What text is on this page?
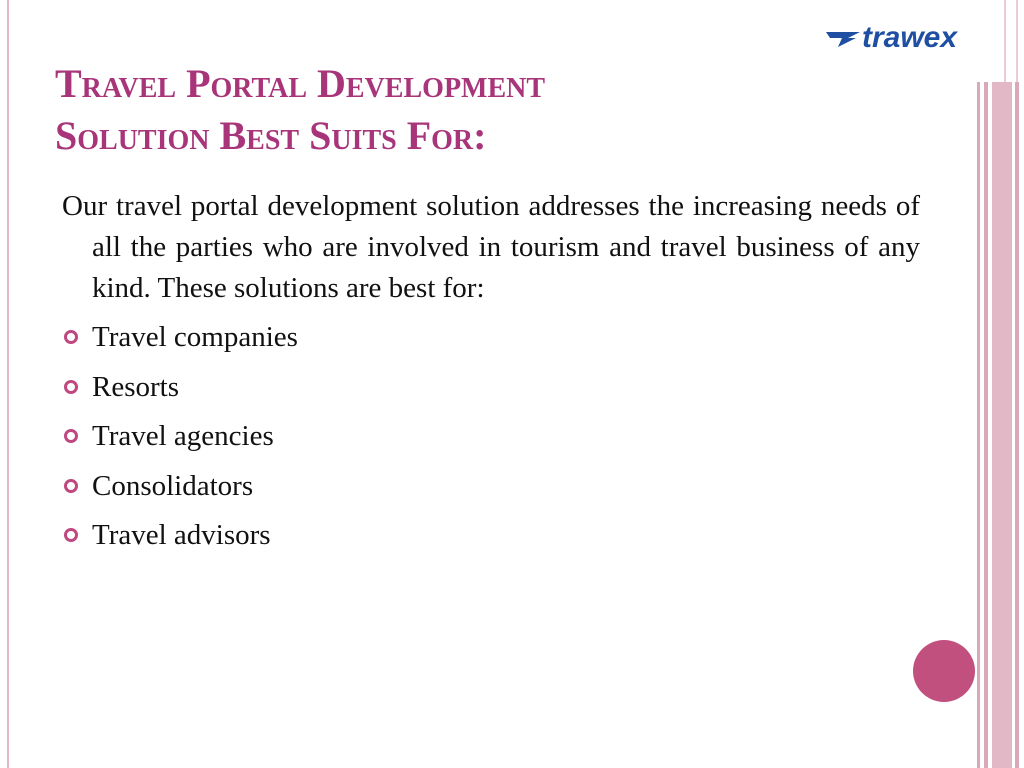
trawex
Travel Portal Development
Solution Best Suits For:

Our travel portal development solution addresses the increasing needs of all the parties who are involved in tourism and travel business of any kind. These solutions are best for:

Travel companies
Resorts
Travel agencies
Consolidators
Travel advisors
